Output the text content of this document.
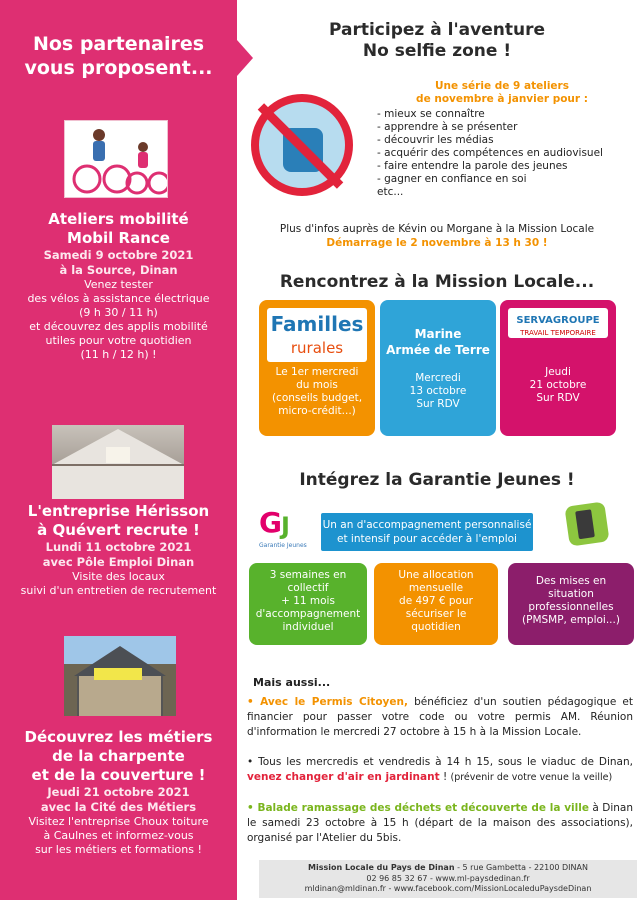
Nos partenaires
vous proposent...
Ateliers mobilité
Mobil Rance
Samedi 9 octobre 2021
à la Source, Dinan
Venez tester
des vélos à assistance électrique
(9 h 30 / 11 h)
et découvrez des applis mobilité
utiles pour votre quotidien
(11 h / 12 h) !
L'entreprise Hérisson
à Quévert recrute !
Lundi 11 octobre 2021
avec Pôle Emploi Dinan
Visite des locaux
suivi d'un entretien de recrutement
Découvrez les métiers
de la charpente
et de la couverture !
Jeudi 21 octobre 2021
avec la Cité des Métiers
Visitez l'entreprise Choux toiture
à Caulnes et informez-vous
sur les métiers et formations !
Participez à l'aventure
No selfie zone !
Une série de 9 ateliers
de novembre à janvier pour :
- mieux se connaître
- apprendre à se présenter
- découvrir les médias
- acquérir des compétences en audiovisuel
- faire entendre la parole des jeunes
- gagner en confiance en soi
etc...
Plus d'infos auprès de Kévin ou Morgane à la Mission Locale
Démarrage le 2 novembre à 13 h 30 !
Rencontrez à la Mission Locale...
Familles
rurales
Le 1er mercredi
du mois
(conseils budget,
micro-crédit...)
Marine
Armée de Terre
Mercredi
13 octobre
Sur RDV
SERVAGROUPE
TRAVAIL TEMPORAIRE
Jeudi
21 octobre
Sur RDV
Intégrez la Garantie Jeunes !
G J
Garantie Jeunes
Un an d'accompagnement personnalisé
et intensif pour accéder à l'emploi
3 semaines en
collectif
+ 11 mois
d'accompagnement
individuel
Une allocation
mensuelle
de 497 € pour
sécuriser le
quotidien
Des mises en
situation
professionnelles
(PMSMP, emploi...)
Mais aussi...
• Avec le Permis Citoyen, bénéficiez d'un soutien pédagogique et financier pour passer votre code ou votre permis AM. Réunion d'information le mercredi 27 octobre à 15 h à la Mission Locale.
• Tous les mercredis et vendredis à 14 h 15, sous le viaduc de Dinan, venez changer d'air en jardinant ! (prévenir de votre venue la veille)
• Balade ramassage des déchets et découverte de la ville à Dinan le samedi 23 octobre à 15 h (départ de la maison des associations), organisé par l'Atelier du 5bis.
Mission Locale du Pays de Dinan - 5 rue Gambetta - 22100 DINAN
02 96 85 32 67 - www.ml-paysdedinan.fr
mldinan@mldinan.fr - www.facebook.com/MissionLocaleduPaysdeDinan
